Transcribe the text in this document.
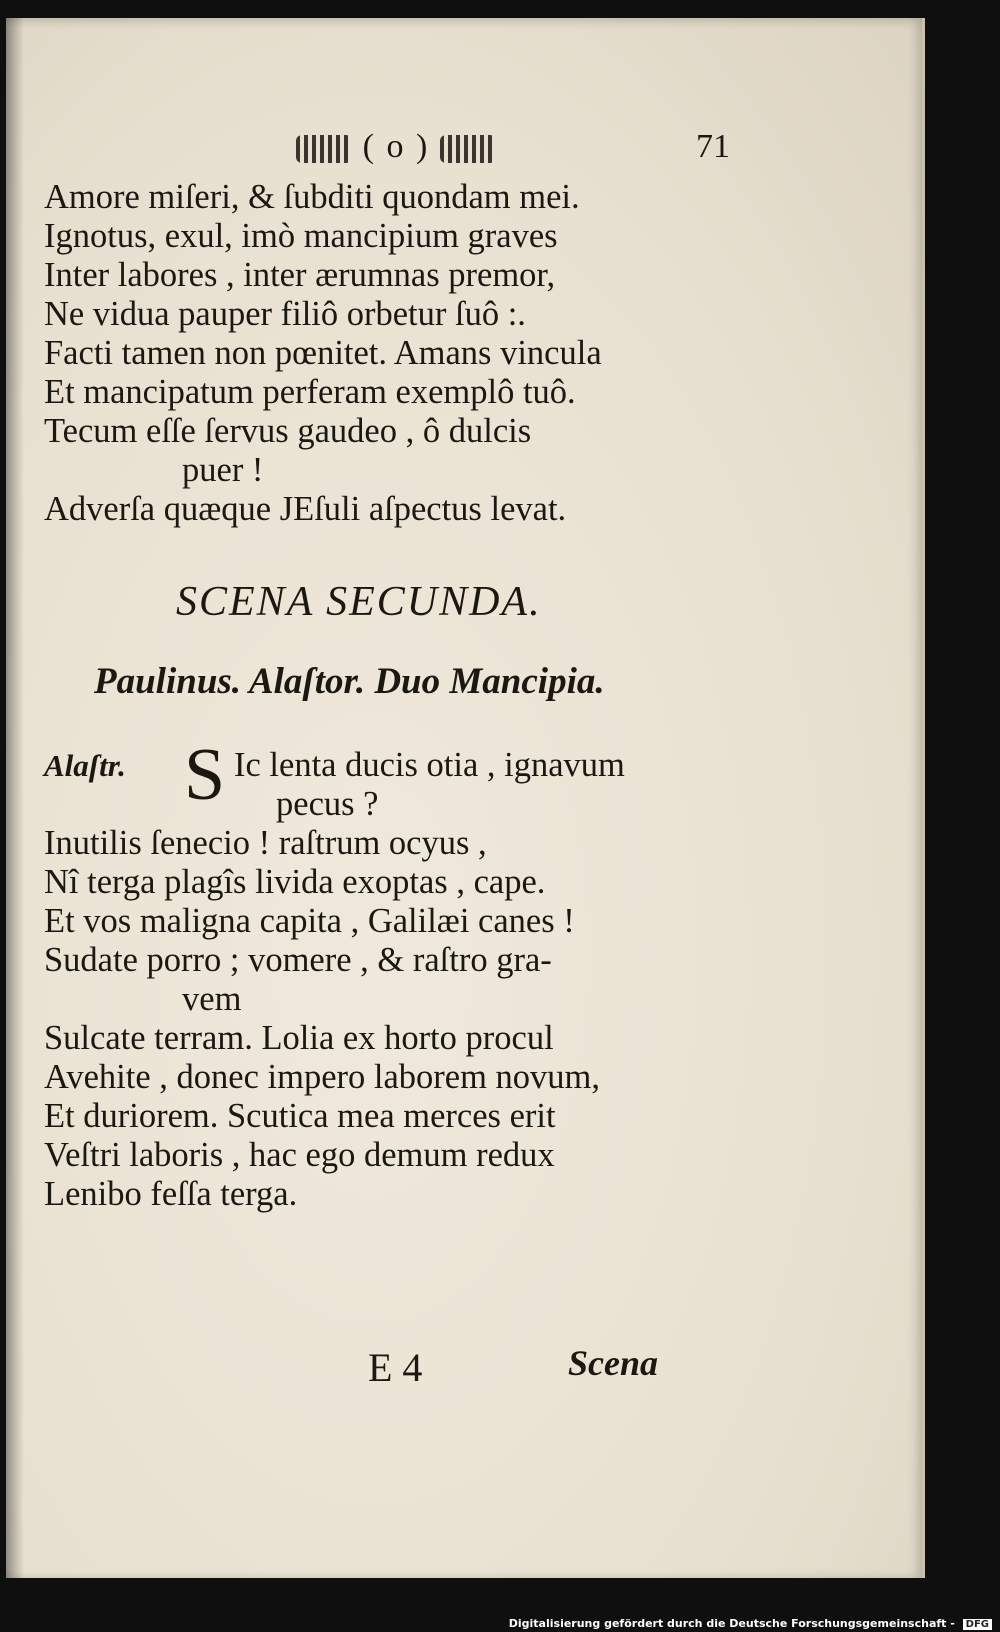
( o )	71
Amore miſeri, & ſubditi quondam mei.
Ignotus, exul, imò mancipium graves
Inter labores , inter ærumnas premor,
Ne vidua pauper filiô orbetur ſuô :.
Facti tamen non pœnitet. Amans vincula
Et mancipatum perferam exemplô tuô.
Tecum eſſe ſervus gaudeo , ô dulcis
puer !
Adverſa quæque JEſuli aſpectus levat.
SCENA SECUNDA.
Paulinus. Alaſtor. Duo Mancipia.
Alaſtr. S Ic lenta ducis otia , ignavum
pecus ?
Inutilis ſenecio ! raſtrum ocyus ,
Nî terga plagîs livida exoptas , cape.
Et vos maligna capita , Galilæi canes !
Sudate porro ; vomere , & raſtro gra-
vem
Sulcate terram. Lolia ex horto procul
Avehite , donec impero laborem novum,
Et duriorem. Scutica mea merces erit
Veſtri laboris , hac ego demum redux
Lenibo feſſa terga.
E 4	Scena
Digitalisierung gefördert durch die Deutsche Forschungsgemeinschaft - DFG
